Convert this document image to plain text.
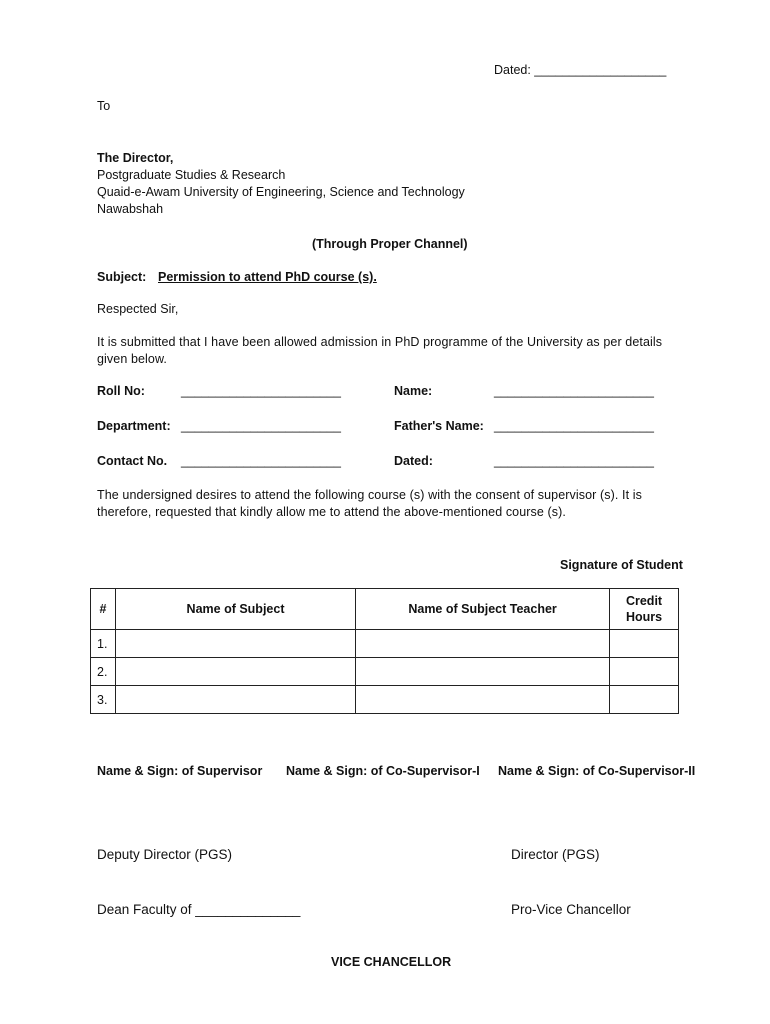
Dated: ___________________
To
The Director,
Postgraduate Studies & Research
Quaid-e-Awam University of Engineering, Science and Technology
Nawabshah
(Through Proper Channel)
Subject: Permission to attend PhD course (s).
Respected Sir,
It is submitted that I have been allowed admission in PhD programme of the University as per details given below.
Roll No:	_______________________	Name:	_______________________
Department: _______________________	Father's Name: _______________________
Contact No. _______________________	Dated:	_______________________
The undersigned desires to attend the following course (s) with the consent of supervisor (s). It is therefore, requested that kindly allow me to attend the above-mentioned course (s).
Signature of Student
#	Name of Subject	Name of Subject Teacher	Credit Hours
1.			
2.			
3.			
Name & Sign: of Supervisor Name & Sign: of Co-Supervisor-I Name & Sign: of Co-Supervisor-II
Deputy Director (PGS)	Director (PGS)
Dean Faculty of ______________	Pro-Vice Chancellor
VICE CHANCELLOR
